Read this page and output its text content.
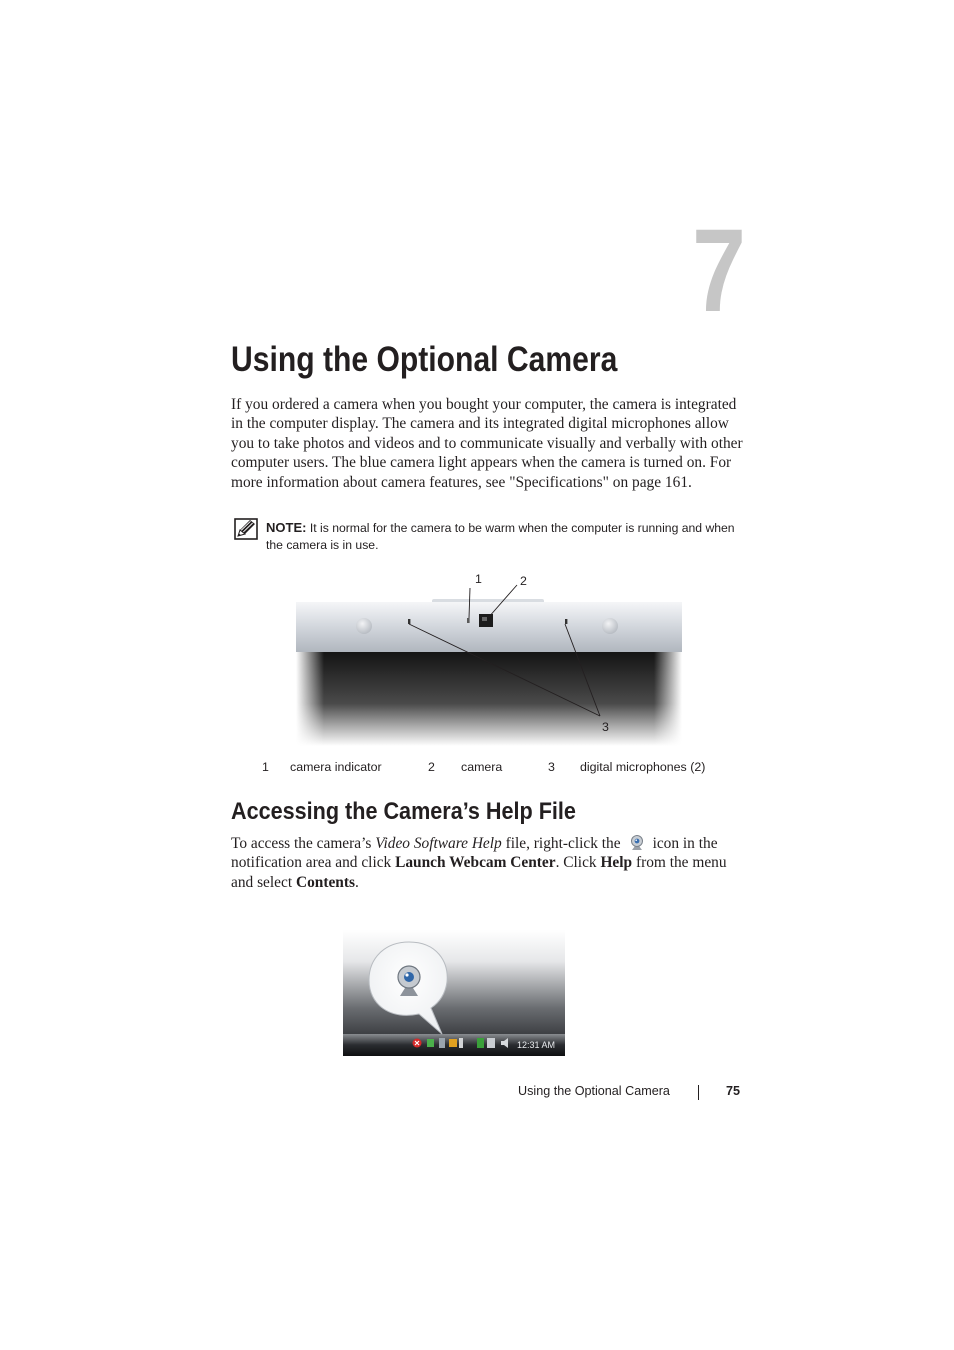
7
Using the Optional Camera

If you ordered a camera when you bought your computer, the camera is integrated in the computer display. The camera and its integrated digital microphones allow you to take photos and videos and to communicate visually and verbally with other computer users. The blue camera light appears when the camera is turned on. For more information about camera features, see "Specifications" on page 161.

NOTE: It is normal for the camera to be warm when the computer is running and when the camera is in use.

1	2
3
1 camera indicator	2 camera	3 digital microphones (2)
Accessing the Camera’s Help File

To access the camera’s Video Software Help file, right-click the icon in the notification area and click Launch Webcam Center. Click Help from the menu and select Contents.

12:31 AM
Using the Optional Camera	75
